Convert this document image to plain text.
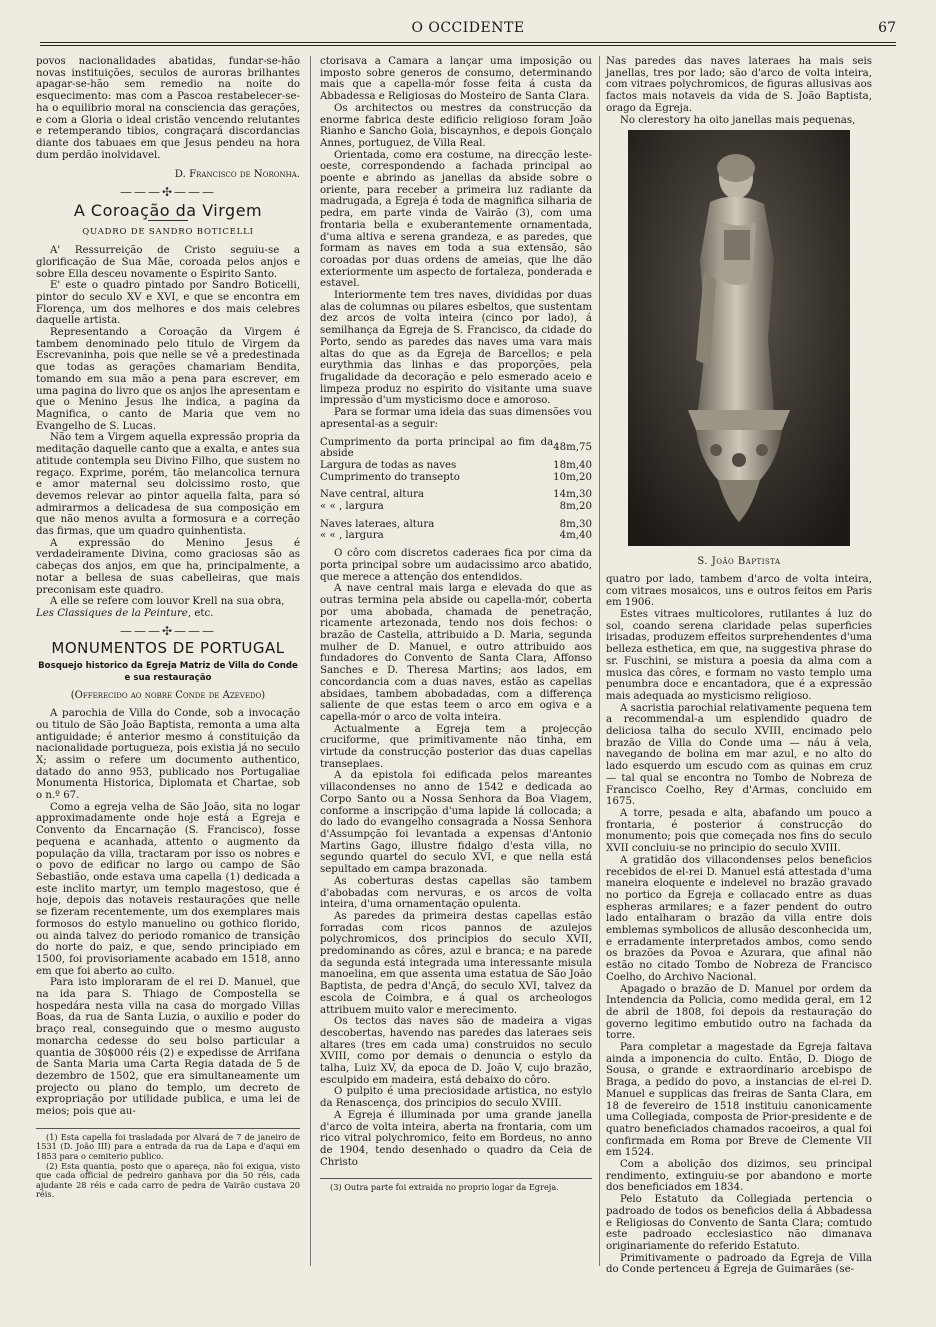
O OCCIDENTE	67

povos nacionalidades abatidas, fundar-se-hão novas instituições, seculos de auroras brilhantes apagar-se-hão sem remedio na noite do esquecimento: mas com a Pascoa restabelecer-se-ha o equilibrio moral na consciencia das gerações, e com a Gloria o ideal cristão vencendo relutantes e retemperando tibios, congraçará discordancias diante dos tabuaes em que Jesus pendeu na hora dum perdão inolvidavel.

D. Francisco de Noronha.

———✣———
A Coroação da Virgem
QUADRO DE SANDRO BOTICELLI

A' Ressurreição de Cristo seguiu-se a glorificação de Sua Mãe, coroada pelos anjos e sobre Ella desceu novamente o Espirito Santo.

E' este o quadro pintado por Sandro Boticelli, pintor do seculo XV e XVI, e que se encontra em Florença, um dos melhores e dos mais celebres daquelle artista.

Representando a Coroação da Virgem é tambem denominado pelo titulo de Virgem da Escrevaninha, pois que nelle se vê a predestinada que todas as gerações chamariam Bendita, tomando em sua mão a pena para escrever, em uma pagina do livro que os anjos lhe apresentam e que o Menino Jesus lhe indica, a pagina da Magnifica, o canto de Maria que vem no Evangelho de S. Lucas.

Não tem a Virgem aquella expressão propria da meditação daquelle canto que a exalta, e antes sua atitude contempla seu Divino Filho, que sustem no regaço. Exprime, porém, tão melancolica ternura e amor maternal seu dolcissimo rosto, que devemos relevar ao pintor aquella falta, para só admirarmos a delicadesa de sua composição em que não menos avulta a formosura e a correção das firmas, que um quadro quinhentista.

A expressão do Menino Jesus é verdadeiramente Divina, como graciosas são as cabeças dos anjos, em que ha, principalmente, a notar a bellesa de suas cabelleiras, que mais preconisam este quadro.

A elle se refere com louvor Krell na sua obra,

Les Classiques de la Peinture, etc.

———✣———
MONUMENTOS DE PORTUGAL
Bosquejo historico da Egreja Matriz de Villa do Conde e sua restauração
(Offerecido ao nobre Conde de Azevedo)

A parochia de Villa do Conde, sob a invocação ou titulo de São João Baptista, remonta a uma alta antiguidade; é anterior mesmo á constituição da nacionalidade portugueza, pois existia já no seculo X; assim o refere um documento authentico, datado do anno 953, publicado nos Portugaliae Monumenta Historica, Diplomata et Chartae, sob o n.º 67.

Como a egreja velha de São João, sita no logar approximadamente onde hoje está a Egreja e Convento da Encarnação (S. Francisco), fosse pequena e acanhada, attento o augmento da população da villa, tractaram por isso os nobres e o povo de edificar no largo ou campo de São Sebastião, onde estava uma capella (1) dedicada a este inclito martyr, um templo magestoso, que é hoje, depois das notaveis restaurações que nelle se fizeram recentemente, um dos exemplares mais formosos do estylo manuelino ou gothico florido, ou ainda talvez do periodo romanico de transição do norte do paiz, e que, sendo principiado em 1500, foi provisoriamente acabado em 1518, anno em que foi aberto ao culto.

Para isto imploraram de el rei D. Manuel, que na ida para S. Thiago de Compostella se hospedára nesta villa na casa do morgado Villas Boas, da rua de Santa Luzia, o auxilio e poder do braço real, conseguindo que o mesmo augusto monarcha cedesse do seu bolso particular a quantia de 30$000 réis (2) e expedisse de Arrifana de Santa Maria uma Carta Regia datada de 5 de dezembro de 1502, que era simultaneamente um projecto ou plano do templo, um decreto de expropriação por utilidade publica, e uma lei de meios; pois que au-

(1) Esta capella foi trasladada por Alvará de 7 de janeiro de 1531 (D. João III) para a entrada da rua da Lapa e d'aqui em 1853 para o cemiterio publico.

(2) Esta quantia, posto que o apareça, não foi exigua, visto que cada official de pedreiro ganhava por dia 50 réis, cada ajudante 28 réis e cada carro de pedra de Vairão custava 20 réis.

ctorisava a Camara a lançar uma imposição ou imposto sobre generos de consumo, determinando mais que a capella-mór fosse feita á custa da Abbadessa e Religiosas do Mosteiro de Santa Clara.

Os architectos ou mestres da construcção da enorme fabrica deste edificio religioso foram João Rianho e Sancho Goia, biscaynhos, e depois Gonçalo Annes, portuguez, de Villa Real.

Orientada, como era costume, na direcção leste-oeste, correspondendo a fachada principal ao poente e abrindo as janellas da abside sobre o oriente, para receber a primeira luz radiante da madrugada, a Egreja é toda de magnifica silharia de pedra, em parte vinda de Vairão (3), com uma frontaria bella e exuberantemente ornamentada, d'uma altiva e serena grandeza, e as paredes, que formam as naves em toda a sua extensão, são coroadas por duas ordens de ameias, que lhe dão exteriormente um aspecto de fortaleza, ponderada e estavel.

Interiormente tem tres naves, divididas por duas alas de columnas ou pilares esbeltos, que sustentam dez arcos de volta inteira (cinco por lado), á semilhança da Egreja de S. Francisco, da cidade do Porto, sendo as paredes das naves uma vara mais altas do que as da Egreja de Barcellos; e pela eurythmia das linhas e das proporções, pela frugalidade da decoração e pelo esmerado aceio e limpeza produz no espirito do visitante uma suave impressão d'um mysticismo doce e amoroso.

Para se formar uma ideia das suas dimensões vou apresental-as a seguir:

Cumprimento da porta principal ao fim da abside	48m,75
Largura de todas as naves	18m,40
Cumprimento do transepto	10m,20

Nave central, altura	14m,30
« « , largura	8m,20

Naves lateraes, altura	8m,30
« « , largura	4m,40

O côro com discretos caderaes fica por cima da porta principal sobre um audacissimo arco abatido, que merece a attenção dos entendidos.

A nave central mais larga e elevada do que as outras termina pela abside ou capella-mór, coberta por uma abobada, chamada de penetração, ricamente artezonada, tendo nos dois fechos: o brazão de Castella, attribuido a D. Maria, segunda mulher de D. Manuel, e outro attribuido aos fundadores do Convento de Santa Clara, Affonso Sanches e D. Theresa Martins; aos lados, em concordancia com a duas naves, estão as capellas absidaes, tambem abobadadas, com a differença saliente de que estas teem o arco em ogiva e a capella-mór o arco de volta inteira.

Actualmente a Egreja tem a projecção cruciforme, que primitivamente não tinha, em virtude da construcção posterior das duas capellas transeplaes.

A da epistola foi edificada pelos mareantes villacondenses no anno de 1542 e dedicada ao Corpo Santo ou a Nossa Senhora da Boa Viagem, conforme a inscripção d'uma lapide lá collocada; a do lado do evangelho consagrada a Nossa Senhora d'Assumpção foi levantada a expensas d'Antonio Martins Gago, illustre fidalgo d'esta villa, no segundo quartel do seculo XVI, e que nella está sepultado em campa brazonada.

As coberturas destas capellas são tambem d'abobadas com nervuras, e os arcos de volta inteira, d'uma ornamentação opulenta.

As paredes da primeira destas capellas estão forradas com ricos pannos de azulejos polychromicos, dos principios do seculo XVII, predominando as côres, azul e branca; e na parede da segunda está integrada uma interessante misula manoelina, em que assenta uma estatua de São João Baptista, de pedra d'Ançã, do seculo XVI, talvez da escola de Coimbra, e á qual os archeologos attribuem muito valor e merecimento.

Os tectos das naves são de madeira a vigas descobertas, havendo nas paredes das lateraes seis altares (tres em cada uma) construidos no seculo XVIII, como por demais o denuncia o estylo da talha, Luiz XV, da epoca de D. João V, cujo brazão, esculpido em madeira, está debaixo do côro.

O pulpito é uma preciosidade artistica, no estylo da Renascença, dos principios do seculo XVIII.

A Egreja é illuminada por uma grande janella d'arco de volta inteira, aberta na frontaria, com um rico vitral polychromico, feito em Bordeus, no anno de 1904, tendo desenhado o quadro da Ceia de Christo

(3) Outra parte foi extraida no proprio logar da Egreja.

Nas paredes das naves lateraes ha mais seis janellas, tres por lado; são d'arco de volta inteira, com vitraes polychromicos, de figuras allusivas aos factos mais notaveis da vida de S. João Baptista, orago da Egreja.

No clerestory ha oito janellas mais pequenas,

S. João Baptista

quatro por lado, tambem d'arco de volta inteira, com vitraes mosaicos, uns e outros feitos em Paris em 1906.

Estes vitraes multicolores, rutilantes á luz do sol, coando serena claridade pelas superficies irisadas, produzem effeitos surprehendentes d'uma belleza esthetica, em que, na suggestiva phrase do sr. Fuschini, se mistura a poesia da alma com a musica das côres, e formam no vasto templo uma penumbra doce e encantadora, que é a expressão mais adequada ao mysticismo religioso.

A sacristia parochial relativamente pequena tem a recommendal-a um esplendido quadro de deliciosa talha do seculo XVIII, encimado pelo brazão de Villa do Conde uma — náu á vela, navegando de bolina em mar azul, e no alto do lado esquerdo um escudo com as quinas em cruz — tal qual se encontra no Tombo de Nobreza de Francisco Coelho, Rey d'Armas, concluido em 1675.

A torre, pesada e alta, abafando um pouco a frontaria, é posterior á construcção do monumento; pois que começada nos fins do seculo XVII concluiu-se no principio do seculo XVIII.

A gratidão dos villacondenses pelos beneficios recebidos de el-rei D. Manuel está attestada d'uma maneira eloquente e indelevel no brazão gravado no portico da Egreja e collacado entre as duas espheras armilares; e a fazer pendent do outro lado entalharam o brazão da villa entre dois emblemas symbolicos de allusão desconhecida um, e erradamente interpretados ambos, como sendo os brazões da Povoa e Azurara, que afinal não estão no citado Tombo de Nobreza de Francisco Coelho, do Archivo Nacional.

Apagado o brazão de D. Manuel por ordem da Intendencia da Policia, como medida geral, em 12 de abril de 1808, foi depois da restauração do governo legitimo embutido outro na fachada da torre.

Para completar a magestade da Egreja faltava ainda a imponencia do culto. Então, D. Diogo de Sousa, o grande e extraordinario arcebispo de Braga, a pedido do povo, a instancias de el-rei D. Manuel e supplicas das freiras de Santa Clara, em 18 de fevereiro de 1518 instituiu canonicamente uma Collegiada, composta de Prior-presidente e de quatro beneficiados chamados racoeiros, a qual foi confirmada em Roma por Breve de Clemente VII em 1524.

Com a abolição dos dizimos, seu principal rendimento, extinguiu-se por abandono e morte dos beneficiados em 1834.

Pelo Estatuto da Collegiada pertencia o padroado de todos os beneficios della á Abbadessa e Religiosas do Convento de Santa Clara; comtudo este padroado ecclesiastico não dimanava originariamente do referido Estatuto.

Primitivamente o padroado da Egreja de Villa do Conde pertenceu á Egreja de Guimarães (se-
